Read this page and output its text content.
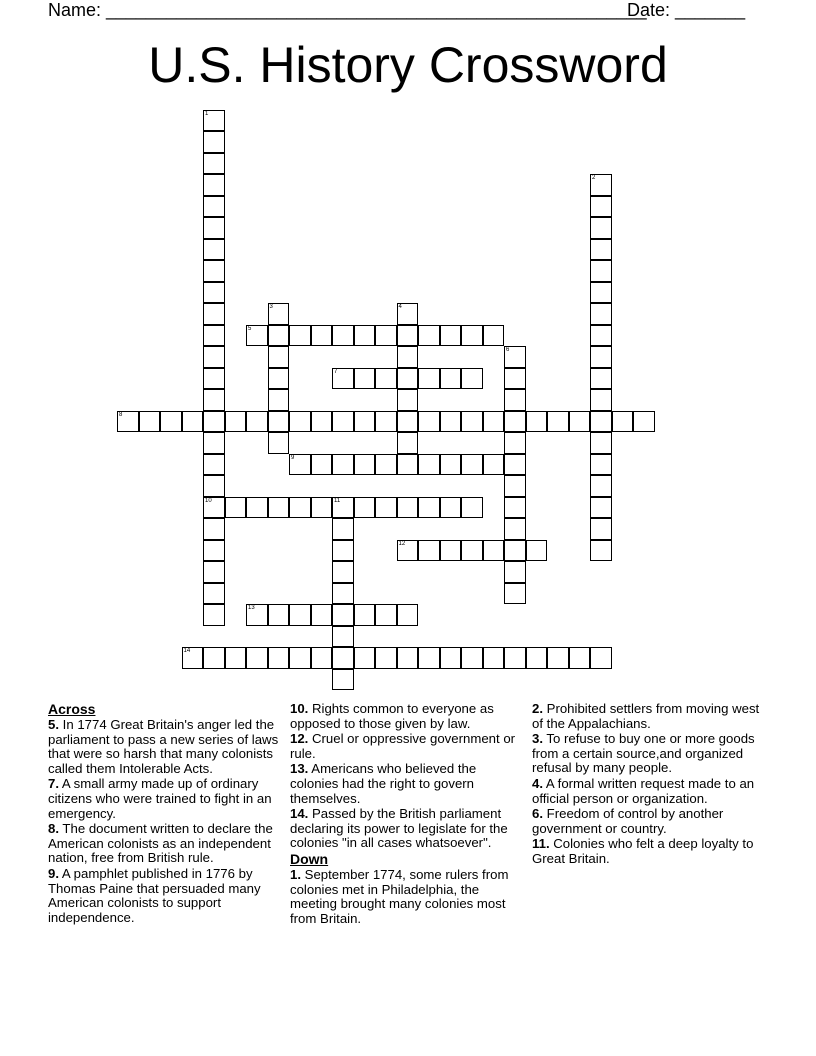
Name: ______________________________________________________
Date: _______
U.S. History Crossword
1
10
2
3	4
5
6
7
8
9
11
12
13
14
Across
5. In 1774 Great Britain's anger led the parliament to pass a new series of laws that were so harsh that many colonists called them Intolerable Acts.
7. A small army made up of ordinary citizens who were trained to fight in an emergency.
8. The document written to declare the American colonists as an independent nation, free from British rule.
9. A pamphlet published in 1776 by Thomas Paine that persuaded many American colonists to support independence.
10. Rights common to everyone as opposed to those given by law.
12. Cruel or oppressive government or rule.
13. Americans who believed the colonies had the right to govern themselves.
14. Passed by the British parliament declaring its power to legislate for the colonies "in all cases whatsoever".
Down
1. September 1774, some rulers from colonies met in Philadelphia, the meeting brought many colonies most from Britain.
2. Prohibited settlers from moving west of the Appalachians.
3. To refuse to buy one or more goods from a certain source,and organized refusal by many people.
4. A formal written request made to an official person or organization.
6. Freedom of control by another government or country.
11. Colonies who felt a deep loyalty to Great Britain.
